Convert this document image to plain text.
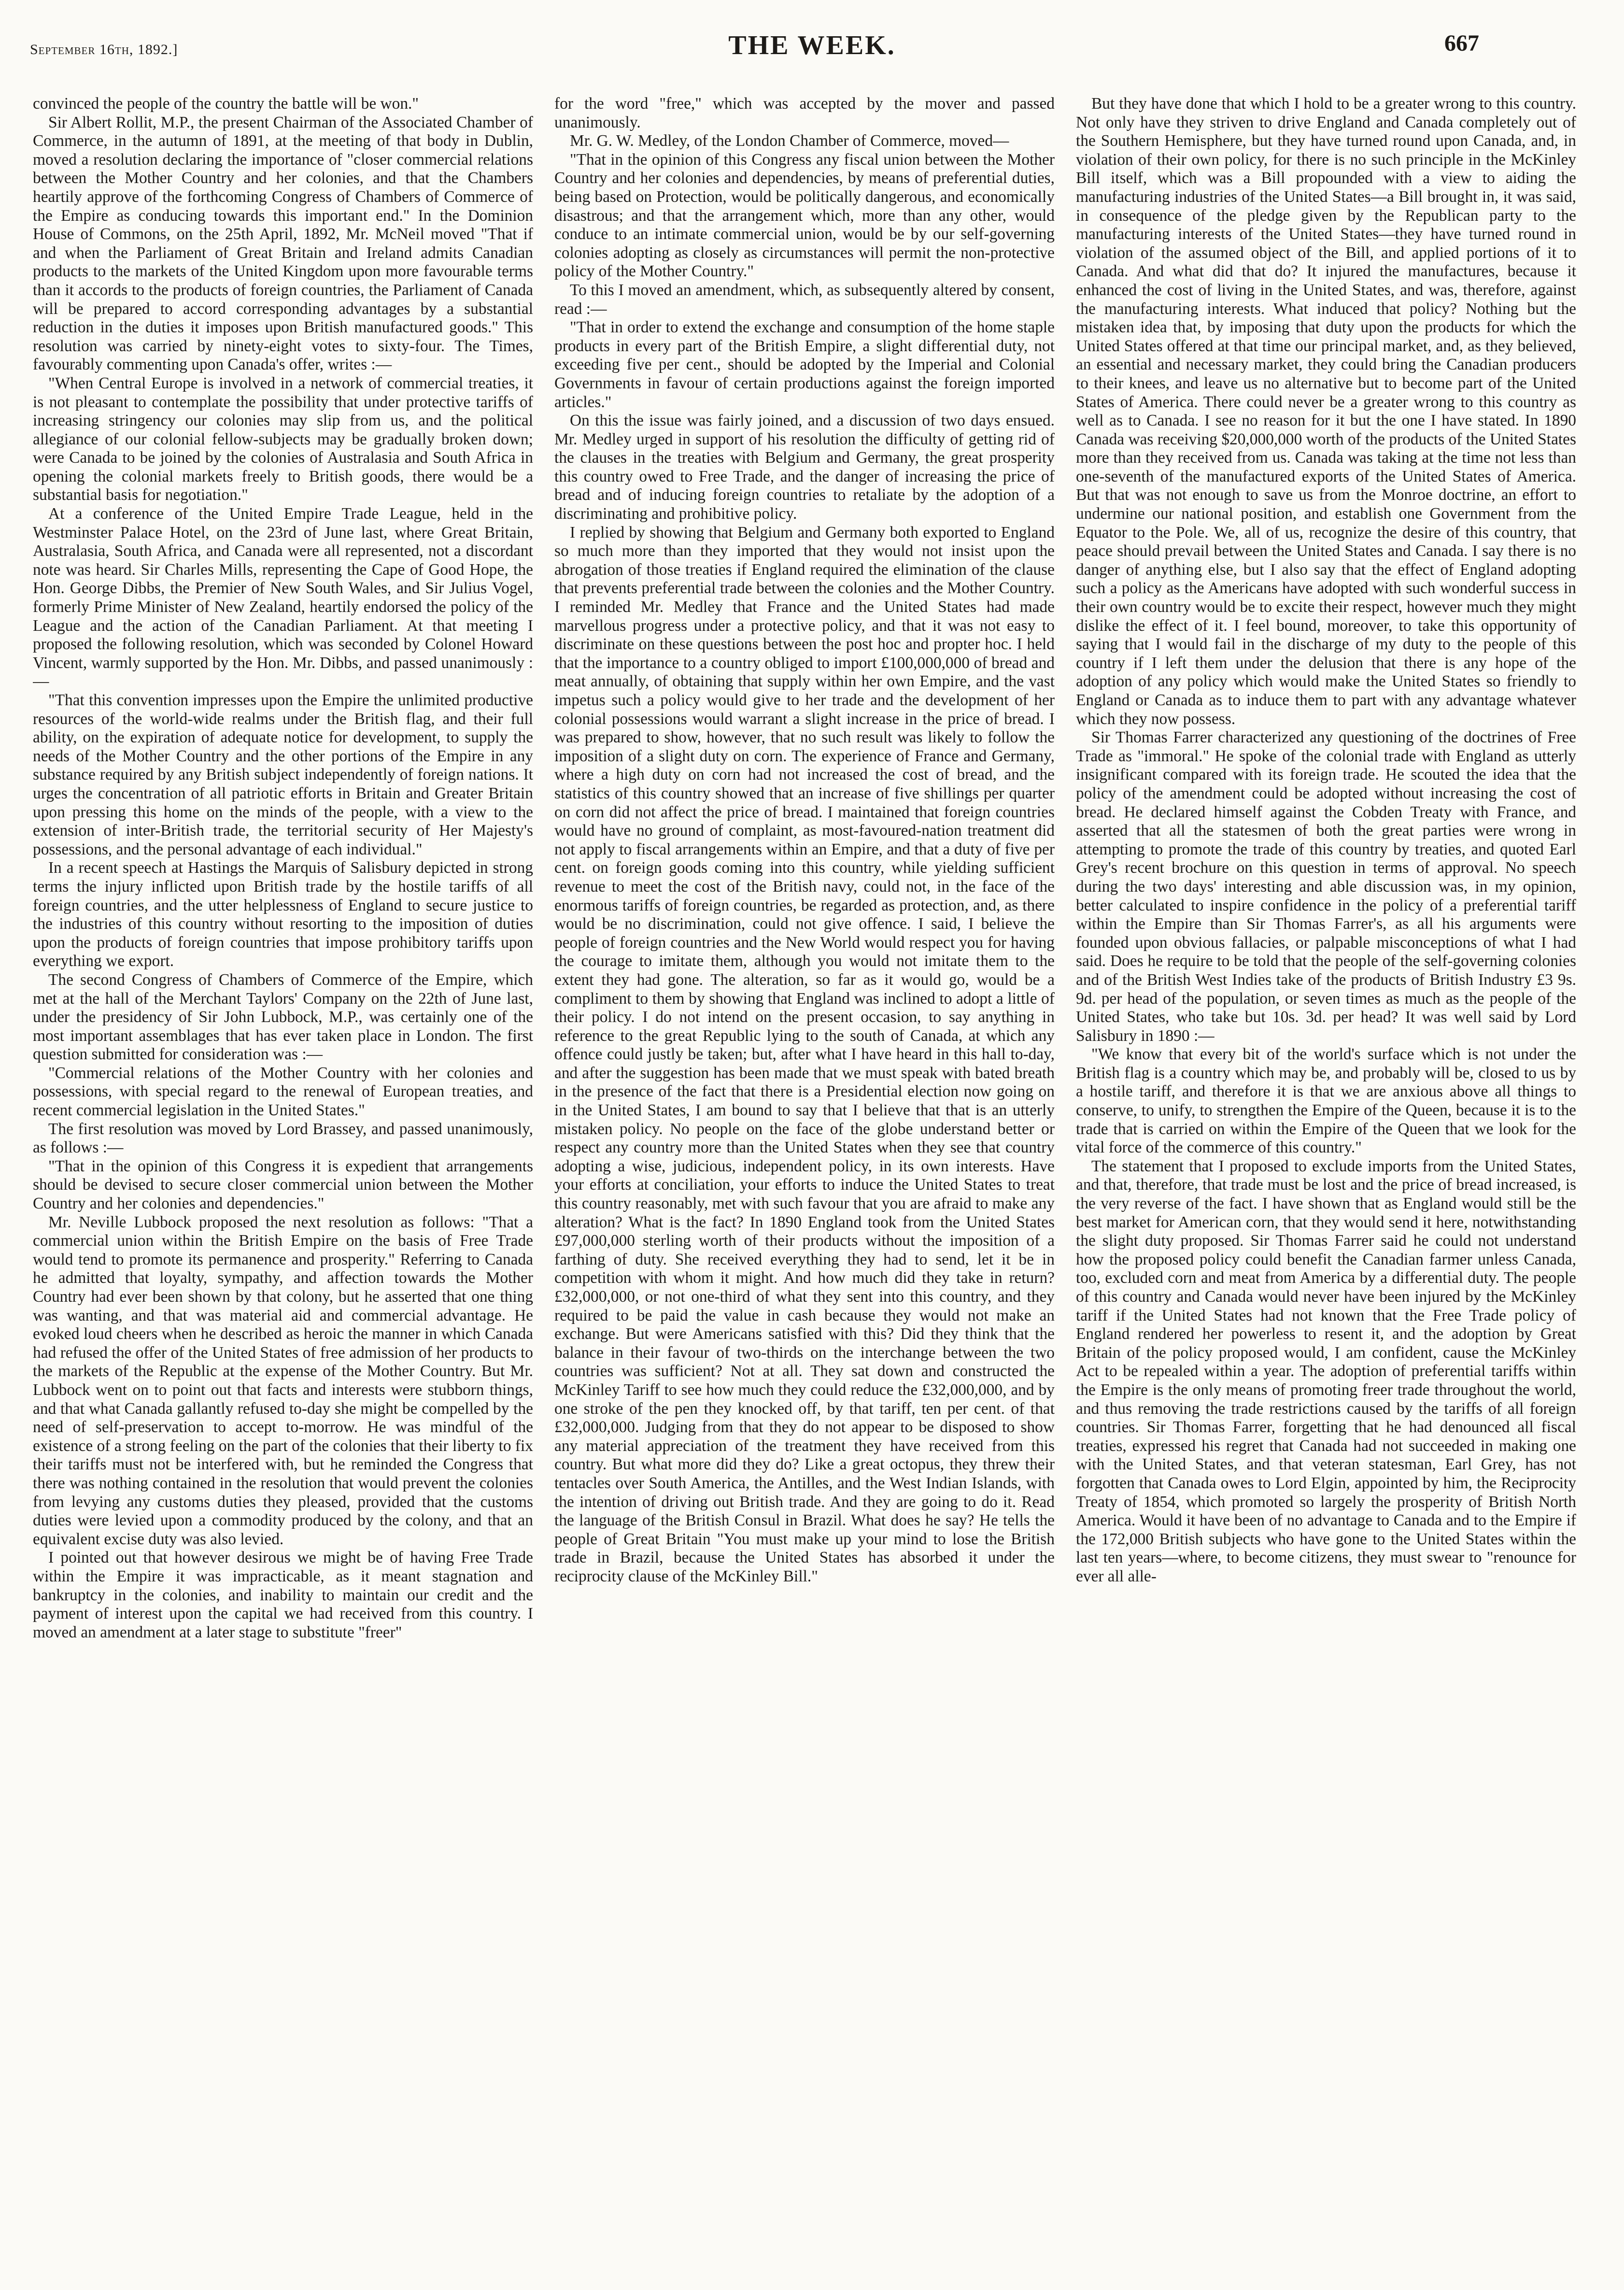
September 16th, 1892.]	THE WEEK.	667

convinced the people of the country the battle will be won."

Sir Albert Rollit, M.P., the present Chairman of the Associated Chamber of Commerce, in the autumn of 1891, at the meeting of that body in Dublin, moved a resolution declaring the importance of "closer commercial relations between the Mother Country and her colonies, and that the Chambers heartily approve of the forthcoming Congress of Chambers of Commerce of the Empire as conducing towards this important end." In the Dominion House of Commons, on the 25th April, 1892, Mr. McNeil moved "That if and when the Parliament of Great Britain and Ireland admits Canadian products to the markets of the United Kingdom upon more favourable terms than it accords to the products of foreign countries, the Parliament of Canada will be prepared to accord corresponding advantages by a substantial reduction in the duties it imposes upon British manufactured goods." This resolution was carried by ninety-eight votes to sixty-four. The Times, favourably commenting upon Canada's offer, writes :—

"When Central Europe is involved in a network of commercial treaties, it is not pleasant to contemplate the possibility that under protective tariffs of increasing stringency our colonies may slip from us, and the political allegiance of our colonial fellow-subjects may be gradually broken down; were Canada to be joined by the colonies of Australasia and South Africa in opening the colonial markets freely to British goods, there would be a substantial basis for negotiation."

At a conference of the United Empire Trade League, held in the Westminster Palace Hotel, on the 23rd of June last, where Great Britain, Australasia, South Africa, and Canada were all represented, not a discordant note was heard. Sir Charles Mills, representing the Cape of Good Hope, the Hon. George Dibbs, the Premier of New South Wales, and Sir Julius Vogel, formerly Prime Minister of New Zealand, heartily endorsed the policy of the League and the action of the Canadian Parliament. At that meeting I proposed the following resolution, which was seconded by Colonel Howard Vincent, warmly supported by the Hon. Mr. Dibbs, and passed unanimously :—

"That this convention impresses upon the Empire the unlimited productive resources of the world-wide realms under the British flag, and their full ability, on the expiration of adequate notice for development, to supply the needs of the Mother Country and the other portions of the Empire in any substance required by any British subject independently of foreign nations. It urges the concentration of all patriotic efforts in Britain and Greater Britain upon pressing this home on the minds of the people, with a view to the extension of inter-British trade, the territorial security of Her Majesty's possessions, and the personal advantage of each individual."

In a recent speech at Hastings the Marquis of Salisbury depicted in strong terms the injury inflicted upon British trade by the hostile tariffs of all foreign countries, and the utter helplessness of England to secure justice to the industries of this country without resorting to the imposition of duties upon the products of foreign countries that impose prohibitory tariffs upon everything we export.

The second Congress of Chambers of Commerce of the Empire, which met at the hall of the Merchant Taylors' Company on the 22th of June last, under the presidency of Sir John Lubbock, M.P., was certainly one of the most important assemblages that has ever taken place in London. The first question submitted for consideration was :—

"Commercial relations of the Mother Country with her colonies and possessions, with special regard to the renewal of European treaties, and recent commercial legislation in the United States."

The first resolution was moved by Lord Brassey, and passed unanimously, as follows :—

"That in the opinion of this Congress it is expedient that arrangements should be devised to secure closer commercial union between the Mother Country and her colonies and dependencies."

Mr. Neville Lubbock proposed the next resolution as follows: "That a commercial union within the British Empire on the basis of Free Trade would tend to promote its permanence and prosperity." Referring to Canada he admitted that loyalty, sympathy, and affection towards the Mother Country had ever been shown by that colony, but he asserted that one thing was wanting, and that was material aid and commercial advantage. He evoked loud cheers when he described as heroic the manner in which Canada had refused the offer of the United States of free admission of her products to the markets of the Republic at the expense of the Mother Country. But Mr. Lubbock went on to point out that facts and interests were stubborn things, and that what Canada gallantly refused to-day she might be compelled by the need of self-preservation to accept to-morrow. He was mindful of the existence of a strong feeling on the part of the colonies that their liberty to fix their tariffs must not be interfered with, but he reminded the Congress that there was nothing contained in the resolution that would prevent the colonies from levying any customs duties they pleased, provided that the customs duties were levied upon a commodity produced by the colony, and that an equivalent excise duty was also levied.

I pointed out that however desirous we might be of having Free Trade within the Empire it was impracticable, as it meant stagnation and bankruptcy in the colonies, and inability to maintain our credit and the payment of interest upon the capital we had received from this country. I moved an amendment at a later stage to substitute "freer"

for the word "free," which was accepted by the mover and passed unanimously.

Mr. G. W. Medley, of the London Chamber of Commerce, moved—

"That in the opinion of this Congress any fiscal union between the Mother Country and her colonies and dependencies, by means of preferential duties, being based on Protection, would be politically dangerous, and economically disastrous; and that the arrangement which, more than any other, would conduce to an intimate commercial union, would be by our self-governing colonies adopting as closely as circumstances will permit the non-protective policy of the Mother Country."

To this I moved an amendment, which, as subsequently altered by consent, read :—

"That in order to extend the exchange and consumption of the home staple products in every part of the British Empire, a slight differential duty, not exceeding five per cent., should be adopted by the Imperial and Colonial Governments in favour of certain productions against the foreign imported articles."

On this the issue was fairly joined, and a discussion of two days ensued. Mr. Medley urged in support of his resolution the difficulty of getting rid of the clauses in the treaties with Belgium and Germany, the great prosperity this country owed to Free Trade, and the danger of increasing the price of bread and of inducing foreign countries to retaliate by the adoption of a discriminating and prohibitive policy.

I replied by showing that Belgium and Germany both exported to England so much more than they imported that they would not insist upon the abrogation of those treaties if England required the elimination of the clause that prevents preferential trade between the colonies and the Mother Country. I reminded Mr. Medley that France and the United States had made marvellous progress under a protective policy, and that it was not easy to discriminate on these questions between the post hoc and propter hoc. I held that the importance to a country obliged to import £100,000,000 of bread and meat annually, of obtaining that supply within her own Empire, and the vast impetus such a policy would give to her trade and the development of her colonial possessions would warrant a slight increase in the price of bread. I was prepared to show, however, that no such result was likely to follow the imposition of a slight duty on corn. The experience of France and Germany, where a high duty on corn had not increased the cost of bread, and the statistics of this country showed that an increase of five shillings per quarter on corn did not affect the price of bread. I maintained that foreign countries would have no ground of complaint, as most-favoured-nation treatment did not apply to fiscal arrangements within an Empire, and that a duty of five per cent. on foreign goods coming into this country, while yielding sufficient revenue to meet the cost of the British navy, could not, in the face of the enormous tariffs of foreign countries, be regarded as protection, and, as there would be no discrimination, could not give offence. I said, I believe the people of foreign countries and the New World would respect you for having the courage to imitate them, although you would not imitate them to the extent they had gone. The alteration, so far as it would go, would be a compliment to them by showing that England was inclined to adopt a little of their policy. I do not intend on the present occasion, to say anything in reference to the great Republic lying to the south of Canada, at which any offence could justly be taken; but, after what I have heard in this hall to-day, and after the suggestion has been made that we must speak with bated breath in the presence of the fact that there is a Presidential election now going on in the United States, I am bound to say that I believe that that is an utterly mistaken policy. No people on the face of the globe understand better or respect any country more than the United States when they see that country adopting a wise, judicious, independent policy, in its own interests. Have your efforts at conciliation, your efforts to induce the United States to treat this country reasonably, met with such favour that you are afraid to make any alteration? What is the fact? In 1890 England took from the United States £97,000,000 sterling worth of their products without the imposition of a farthing of duty. She received everything they had to send, let it be in competition with whom it might. And how much did they take in return? £32,000,000, or not one-third of what they sent into this country, and they required to be paid the value in cash because they would not make an exchange. But were Americans satisfied with this? Did they think that the balance in their favour of two-thirds on the interchange between the two countries was sufficient? Not at all. They sat down and constructed the McKinley Tariff to see how much they could reduce the £32,000,000, and by one stroke of the pen they knocked off, by that tariff, ten per cent. of that £32,000,000. Judging from that they do not appear to be disposed to show any material appreciation of the treatment they have received from this country. But what more did they do? Like a great octopus, they threw their tentacles over South America, the Antilles, and the West Indian Islands, with the intention of driving out British trade. And they are going to do it. Read the language of the British Consul in Brazil. What does he say? He tells the people of Great Britain "You must make up your mind to lose the British trade in Brazil, because the United States has absorbed it under the reciprocity clause of the McKinley Bill."

But they have done that which I hold to be a greater wrong to this country. Not only have they striven to drive England and Canada completely out of the Southern Hemisphere, but they have turned round upon Canada, and, in violation of their own policy, for there is no such principle in the McKinley Bill itself, which was a Bill propounded with a view to aiding the manufacturing industries of the United States—a Bill brought in, it was said, in consequence of the pledge given by the Republican party to the manufacturing interests of the United States—they have turned round in violation of the assumed object of the Bill, and applied portions of it to Canada. And what did that do? It injured the manufactures, because it enhanced the cost of living in the United States, and was, therefore, against the manufacturing interests. What induced that policy? Nothing but the mistaken idea that, by imposing that duty upon the products for which the United States offered at that time our principal market, and, as they believed, an essential and necessary market, they could bring the Canadian producers to their knees, and leave us no alternative but to become part of the United States of America. There could never be a greater wrong to this country as well as to Canada. I see no reason for it but the one I have stated. In 1890 Canada was receiving $20,000,000 worth of the products of the United States more than they received from us. Canada was taking at the time not less than one-seventh of the manufactured exports of the United States of America. But that was not enough to save us from the Monroe doctrine, an effort to undermine our national position, and establish one Government from the Equator to the Pole. We, all of us, recognize the desire of this country, that peace should prevail between the United States and Canada. I say there is no danger of anything else, but I also say that the effect of England adopting such a policy as the Americans have adopted with such wonderful success in their own country would be to excite their respect, however much they might dislike the effect of it. I feel bound, moreover, to take this opportunity of saying that I would fail in the discharge of my duty to the people of this country if I left them under the delusion that there is any hope of the adoption of any policy which would make the United States so friendly to England or Canada as to induce them to part with any advantage whatever which they now possess.

Sir Thomas Farrer characterized any questioning of the doctrines of Free Trade as "immoral." He spoke of the colonial trade with England as utterly insignificant compared with its foreign trade. He scouted the idea that the policy of the amendment could be adopted without increasing the cost of bread. He declared himself against the Cobden Treaty with France, and asserted that all the statesmen of both the great parties were wrong in attempting to promote the trade of this country by treaties, and quoted Earl Grey's recent brochure on this question in terms of approval. No speech during the two days' interesting and able discussion was, in my opinion, better calculated to inspire confidence in the policy of a preferential tariff within the Empire than Sir Thomas Farrer's, as all his arguments were founded upon obvious fallacies, or palpable misconceptions of what I had said. Does he require to be told that the people of the self-governing colonies and of the British West Indies take of the products of British Industry £3 9s. 9d. per head of the population, or seven times as much as the people of the United States, who take but 10s. 3d. per head? It was well said by Lord Salisbury in 1890 :—

"We know that every bit of the world's surface which is not under the British flag is a country which may be, and probably will be, closed to us by a hostile tariff, and therefore it is that we are anxious above all things to conserve, to unify, to strengthen the Empire of the Queen, because it is to the trade that is carried on within the Empire of the Queen that we look for the vital force of the commerce of this country."

The statement that I proposed to exclude imports from the United States, and that, therefore, that trade must be lost and the price of bread increased, is the very reverse of the fact. I have shown that as England would still be the best market for American corn, that they would send it here, notwithstanding the slight duty proposed. Sir Thomas Farrer said he could not understand how the proposed policy could benefit the Canadian farmer unless Canada, too, excluded corn and meat from America by a differential duty. The people of this country and Canada would never have been injured by the McKinley tariff if the United States had not known that the Free Trade policy of England rendered her powerless to resent it, and the adoption by Great Britain of the policy proposed would, I am confident, cause the McKinley Act to be repealed within a year. The adoption of preferential tariffs within the Empire is the only means of promoting freer trade throughout the world, and thus removing the trade restrictions caused by the tariffs of all foreign countries. Sir Thomas Farrer, forgetting that he had denounced all fiscal treaties, expressed his regret that Canada had not succeeded in making one with the United States, and that veteran statesman, Earl Grey, has not forgotten that Canada owes to Lord Elgin, appointed by him, the Reciprocity Treaty of 1854, which promoted so largely the prosperity of British North America. Would it have been of no advantage to Canada and to the Empire if the 172,000 British subjects who have gone to the United States within the last ten years—where, to become citizens, they must swear to "renounce for ever all alle-
